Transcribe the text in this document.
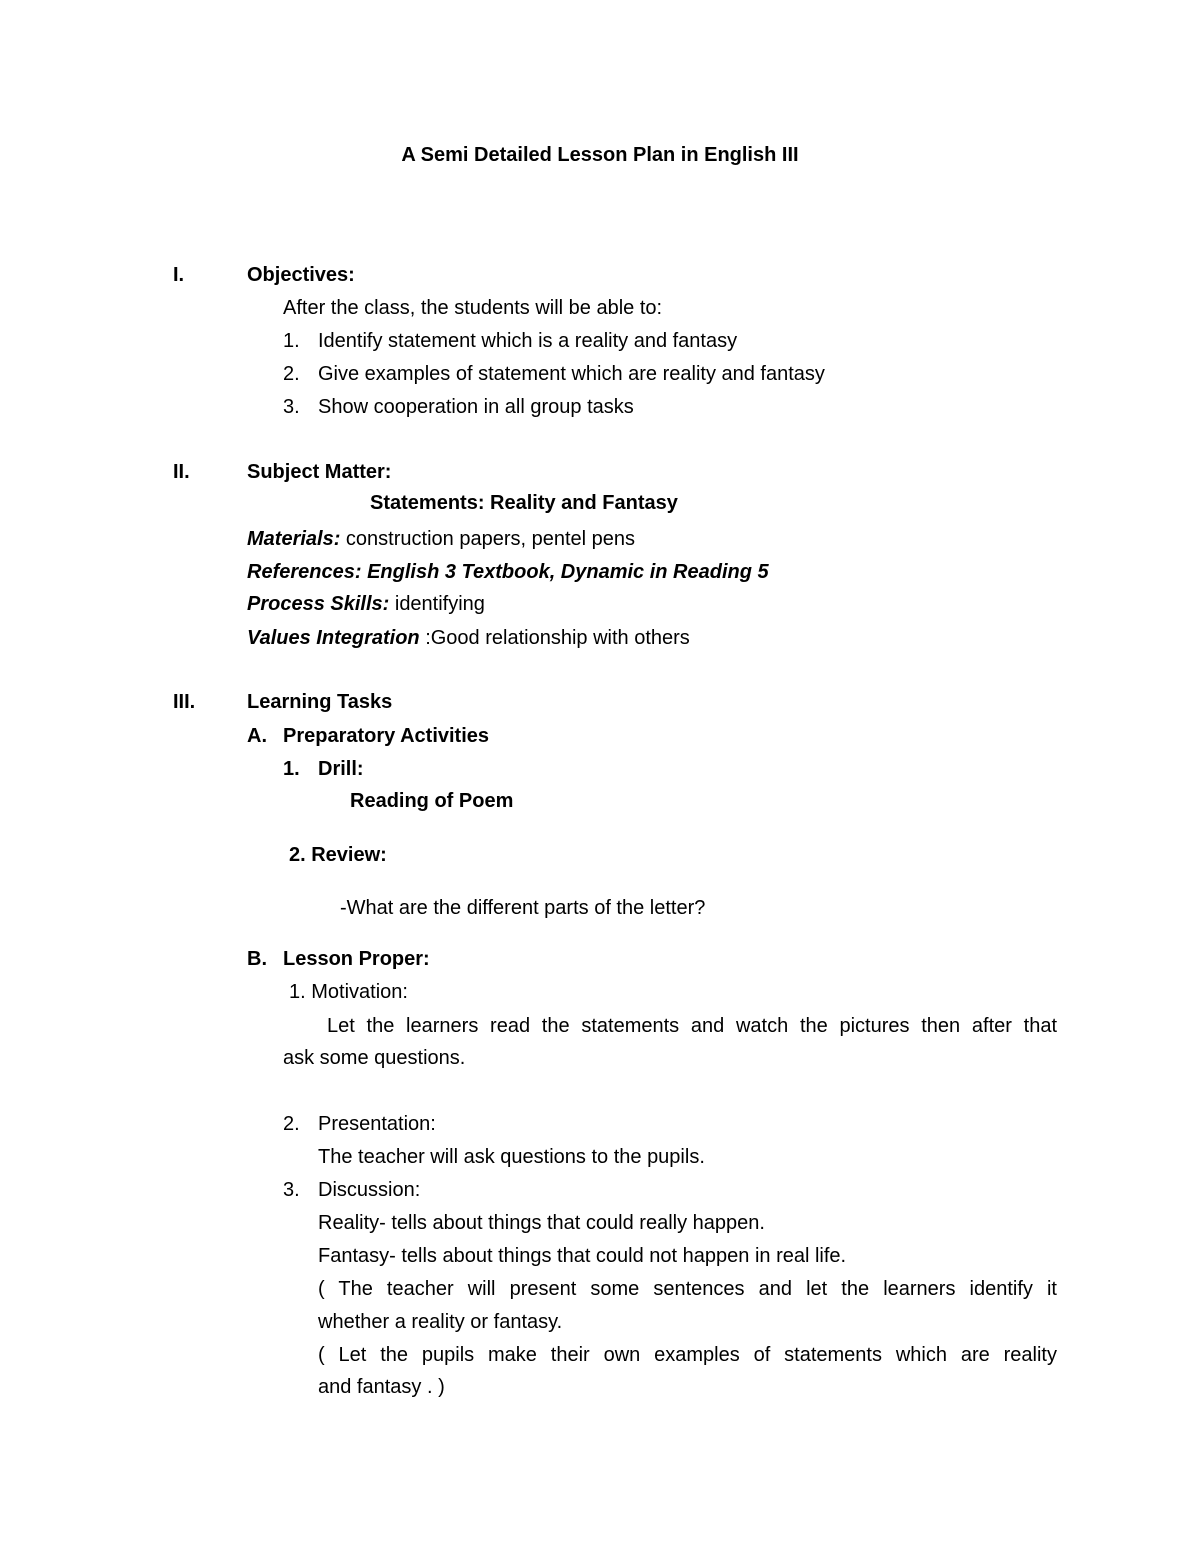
A Semi Detailed Lesson Plan in English III
I.	Objectives:
After the class, the students will be able to:
1. Identify statement which is a reality and fantasy
2. Give examples of statement which are reality and fantasy
3. Show cooperation in all group tasks
II.	Subject Matter:
Statements: Reality and Fantasy
Materials: construction papers, pentel pens
References: English 3 Textbook, Dynamic in Reading 5
Process Skills: identifying
Values Integration :Good relationship with others
III.	Learning Tasks
A. Preparatory Activities
1. Drill:
Reading of Poem
2. Review:
-What are the different parts of the letter?
B. Lesson Proper:
1. Motivation:
Let the learners read the statements and watch the pictures then after that
ask some questions.
2. Presentation:
The teacher will ask questions to the pupils.
3. Discussion:
Reality- tells about things that could really happen.
Fantasy- tells about things that could not happen in real life.
( The teacher will present some sentences and let the learners identify it
whether a reality or fantasy.
( Let the pupils make their own examples of statements which are reality
and fantasy . )
